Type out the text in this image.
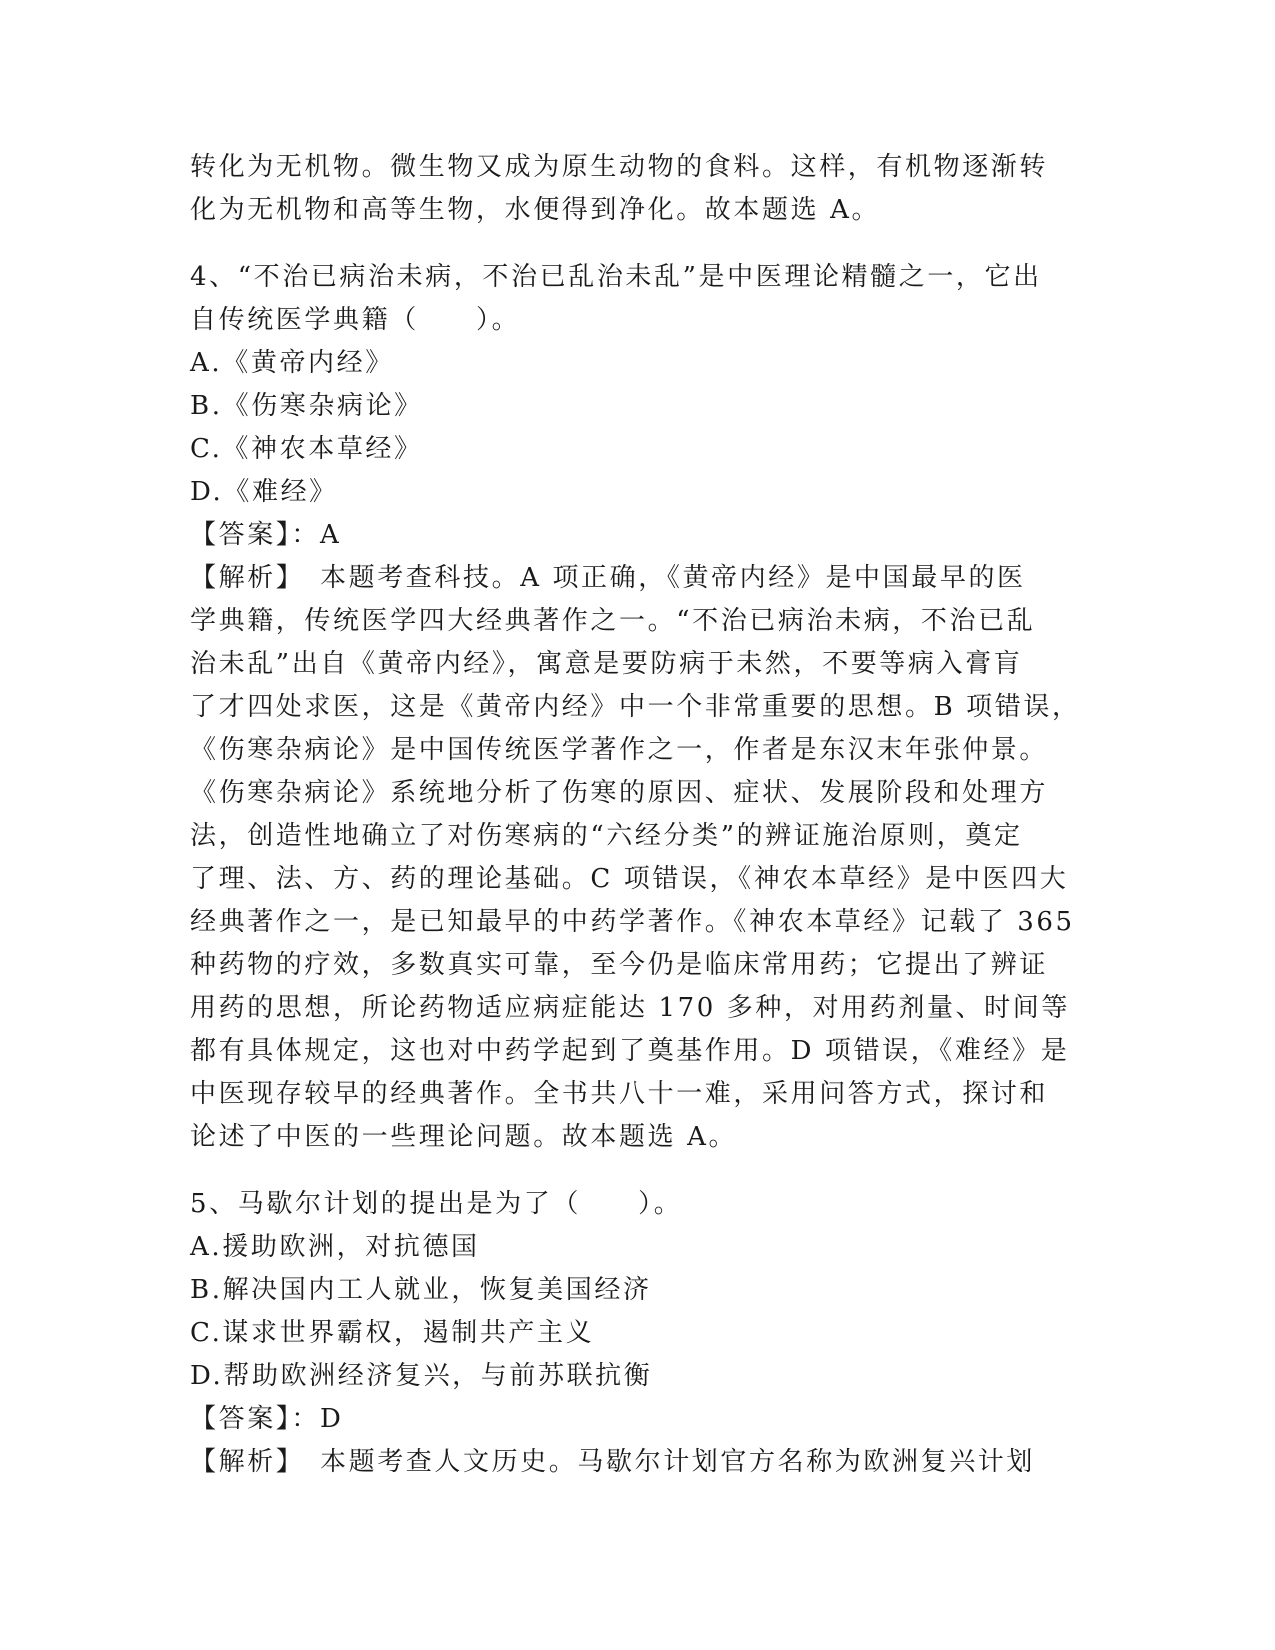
转化为无机物。微生物又成为原生动物的食料。这样，有机物逐渐转
化为无机物和高等生物，水便得到净化。故本题选 A。
4、“不治已病治未病，不治已乱治未乱”是中医理论精髓之一，它出
自传统医学典籍（　　）。
A.《黄帝内经》
B.《伤寒杂病论》
C.《神农本草经》
D.《难经》
【答案】：A
【解析】　本题考查科技。A 项正确，《黄帝内经》是中国最早的医
学典籍，传统医学四大经典著作之一。“不治已病治未病，不治已乱
治未乱”出自《黄帝内经》，寓意是要防病于未然，不要等病入膏肓
了才四处求医，这是《黄帝内经》中一个非常重要的思想。B 项错误，
《伤寒杂病论》是中国传统医学著作之一，作者是东汉末年张仲景。
《伤寒杂病论》系统地分析了伤寒的原因、症状、发展阶段和处理方
法，创造性地确立了对伤寒病的“六经分类”的辨证施治原则，奠定
了理、法、方、药的理论基础。C 项错误，《神农本草经》是中医四大
经典著作之一，是已知最早的中药学著作。《神农本草经》记载了 365
种药物的疗效，多数真实可靠，至今仍是临床常用药；它提出了辨证
用药的思想，所论药物适应病症能达 170 多种，对用药剂量、时间等
都有具体规定，这也对中药学起到了奠基作用。D 项错误，《难经》是
中医现存较早的经典著作。全书共八十一难，采用问答方式，探讨和
论述了中医的一些理论问题。故本题选 A。
5、马歇尔计划的提出是为了（　　）。
A.援助欧洲，对抗德国
B.解决国内工人就业，恢复美国经济
C.谋求世界霸权，遏制共产主义
D.帮助欧洲经济复兴，与前苏联抗衡
【答案】：D
【解析】　本题考查人文历史。马歇尔计划官方名称为欧洲复兴计划
